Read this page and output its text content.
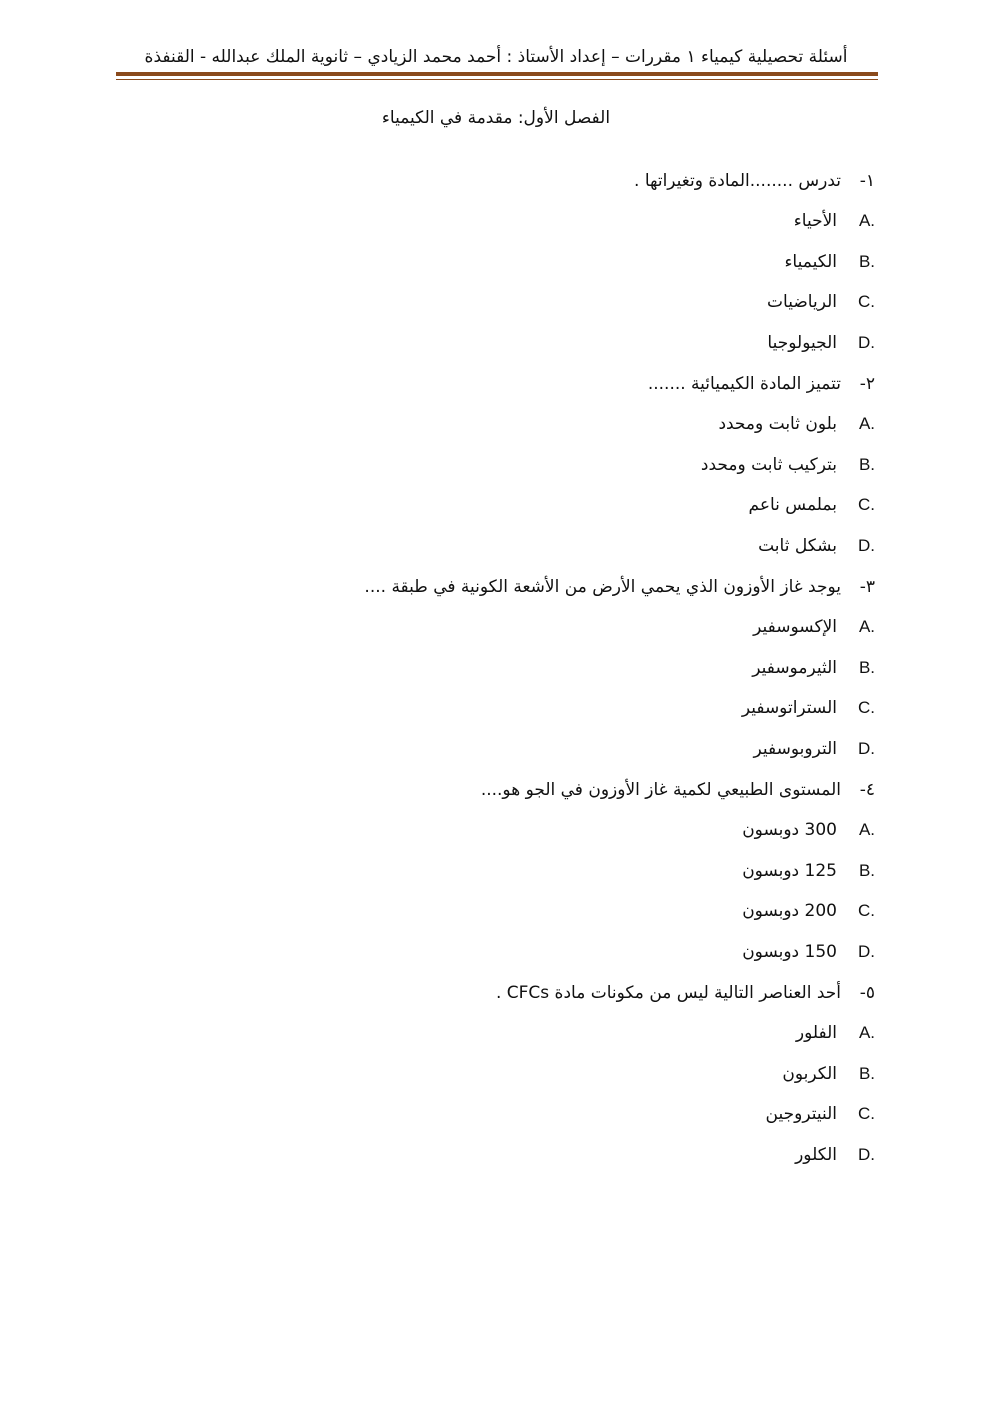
أسئلة تحصيلية كيمياء ١ مقررات – إعداد الأستاذ : أحمد محمد الزيادي – ثانوية الملك عبدالله - القنفذة
الفصل الأول: مقدمة في الكيمياء
١-
تدرس ........المادة وتغيراتها .
A.
الأحياء
B.
الكيمياء
C.
الرياضيات
D.
الجيولوجيا
٢-
تتميز المادة الكيميائية .......
A.
بلون ثابت ومحدد
B.
بتركيب ثابت ومحدد
C.
بملمس ناعم
D.
بشكل ثابت
٣-
يوجد غاز الأوزون الذي يحمي الأرض من الأشعة الكونية في طبقة ....
A.
الإكسوسفير
B.
الثيرموسفير
C.
الستراتوسفير
D.
التروبوسفير
٤-
المستوى الطبيعي لكمية غاز الأوزون في الجو هو....
A.
300 دوبسون
B.
125 دوبسون
C.
200 دوبسون
D.
150 دوبسون
٥-
أحد العناصر التالية ليس من مكونات مادة CFCs .
A.
الفلور
B.
الكربون
C.
النيتروجين
D.
الكلور
